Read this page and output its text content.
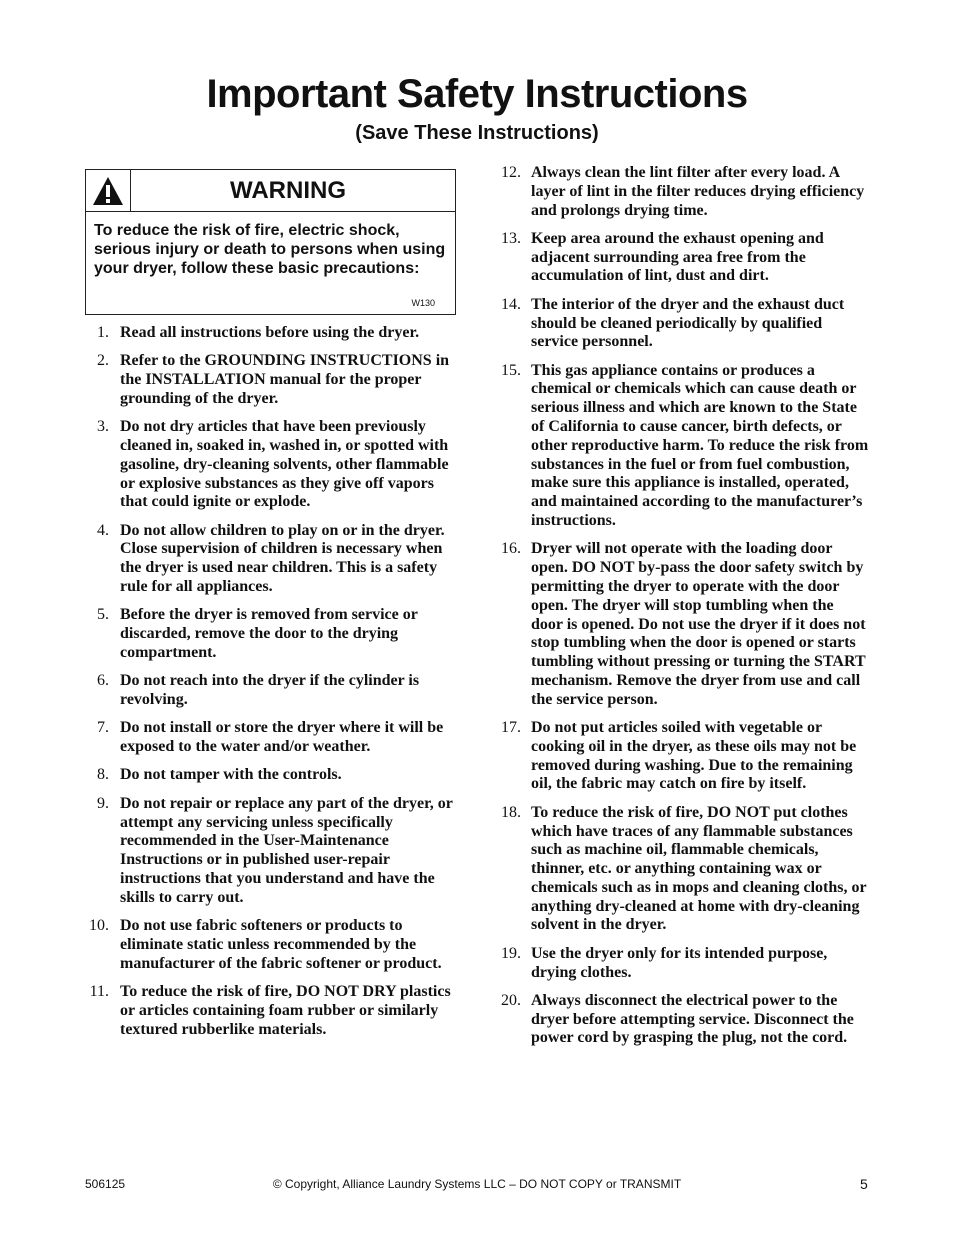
Important Safety Instructions
(Save These Instructions)
WARNING

To reduce the risk of fire, electric shock, serious injury or death to persons when using your dryer, follow these basic precautions:

W130
1. Read all instructions before using the dryer.
2. Refer to the GROUNDING INSTRUCTIONS in the INSTALLATION manual for the proper grounding of the dryer.
3. Do not dry articles that have been previously cleaned in, soaked in, washed in, or spotted with gasoline, dry-cleaning solvents, other flammable or explosive substances as they give off vapors that could ignite or explode.
4. Do not allow children to play on or in the dryer. Close supervision of children is necessary when the dryer is used near children. This is a safety rule for all appliances.
5. Before the dryer is removed from service or discarded, remove the door to the drying compartment.
6. Do not reach into the dryer if the cylinder is revolving.
7. Do not install or store the dryer where it will be exposed to the water and/or weather.
8. Do not tamper with the controls.
9. Do not repair or replace any part of the dryer, or attempt any servicing unless specifically recommended in the User-Maintenance Instructions or in published user-repair instructions that you understand and have the skills to carry out.
10. Do not use fabric softeners or products to eliminate static unless recommended by the manufacturer of the fabric softener or product.
11. To reduce the risk of fire, DO NOT DRY plastics or articles containing foam rubber or similarly textured rubberlike materials.
12. Always clean the lint filter after every load. A layer of lint in the filter reduces drying efficiency and prolongs drying time.
13. Keep area around the exhaust opening and adjacent surrounding area free from the accumulation of lint, dust and dirt.
14. The interior of the dryer and the exhaust duct should be cleaned periodically by qualified service personnel.
15. This gas appliance contains or produces a chemical or chemicals which can cause death or serious illness and which are known to the State of California to cause cancer, birth defects, or other reproductive harm. To reduce the risk from substances in the fuel or from fuel combustion, make sure this appliance is installed, operated, and maintained according to the manufacturer’s instructions.
16. Dryer will not operate with the loading door open. DO NOT by-pass the door safety switch by permitting the dryer to operate with the door open. The dryer will stop tumbling when the door is opened. Do not use the dryer if it does not stop tumbling when the door is opened or starts tumbling without pressing or turning the START mechanism. Remove the dryer from use and call the service person.
17. Do not put articles soiled with vegetable or cooking oil in the dryer, as these oils may not be removed during washing. Due to the remaining oil, the fabric may catch on fire by itself.
18. To reduce the risk of fire, DO NOT put clothes which have traces of any flammable substances such as machine oil, flammable chemicals, thinner, etc. or anything containing wax or chemicals such as in mops and cleaning cloths, or anything dry-cleaned at home with dry-cleaning solvent in the dryer.
19. Use the dryer only for its intended purpose, drying clothes.
20. Always disconnect the electrical power to the dryer before attempting service. Disconnect the power cord by grasping the plug, not the cord.
506125	© Copyright, Alliance Laundry Systems LLC – DO NOT COPY or TRANSMIT	5
